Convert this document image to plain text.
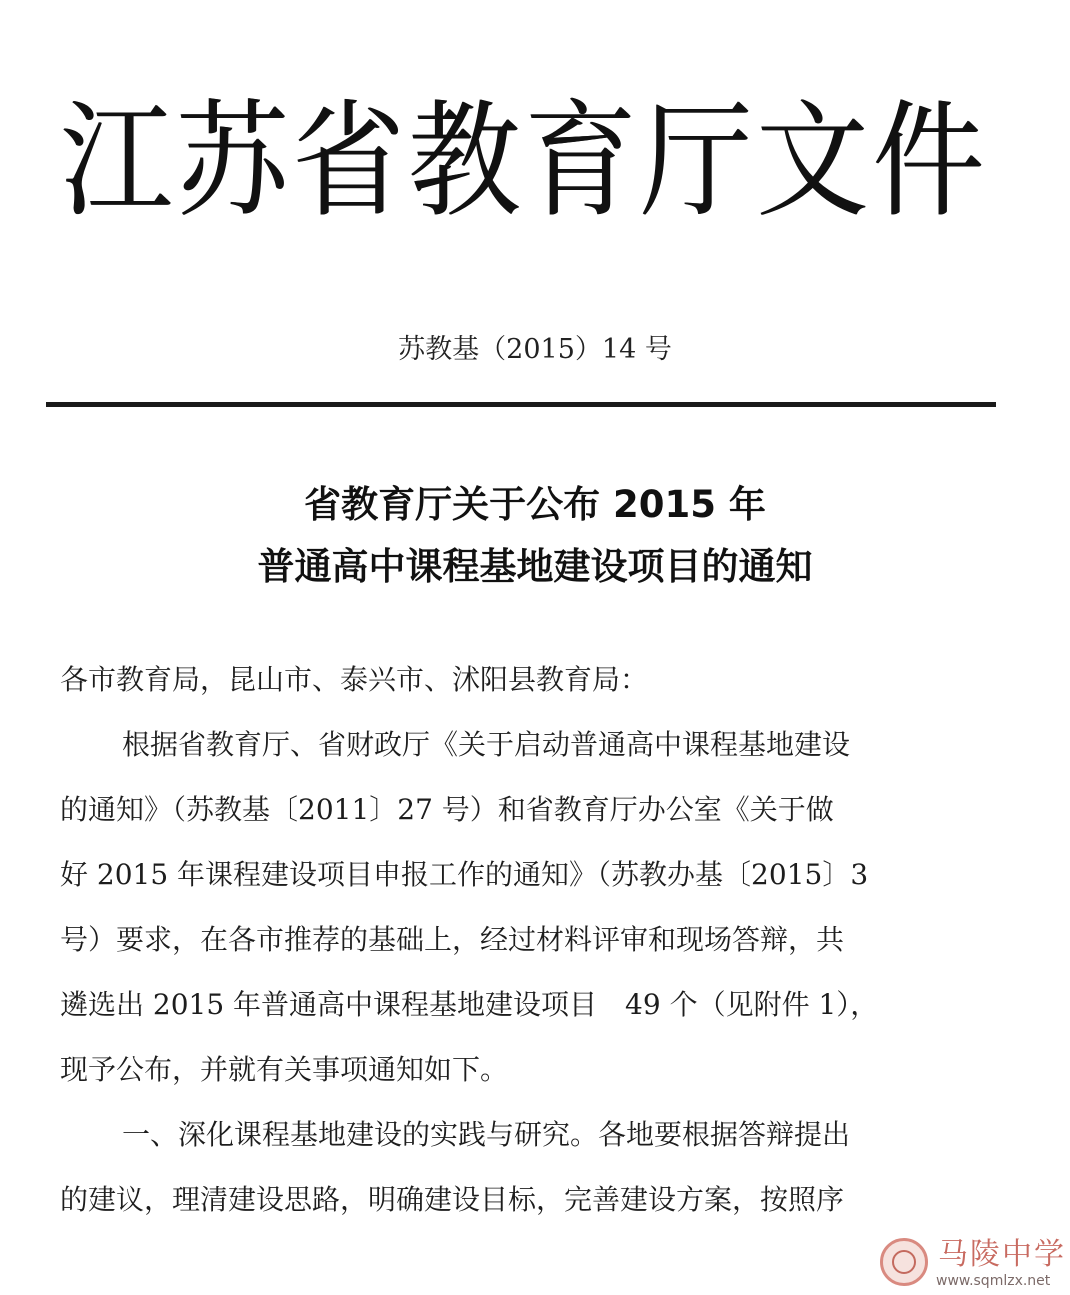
江苏省教育厅文件
苏教基（2015）14 号
省教育厅关于公布 2015 年
普通高中课程基地建设项目的通知
各市教育局，昆山市、泰兴市、沭阳县教育局：
根据省教育厅、省财政厅《关于启动普通高中课程基地建设
的通知》（苏教基〔2011〕27 号）和省教育厅办公室《关于做
好 2015 年课程建设项目申报工作的通知》（苏教办基〔2015〕3
号）要求，在各市推荐的基础上，经过材料评审和现场答辩，共
遴选出 2015 年普通高中课程基地建设项目　49 个（见附件 1），
现予公布，并就有关事项通知如下。
一、深化课程基地建设的实践与研究。各地要根据答辩提出
的建议，理清建设思路，明确建设目标，完善建设方案，按照序
马陵中学
www.sqmlzx.net
